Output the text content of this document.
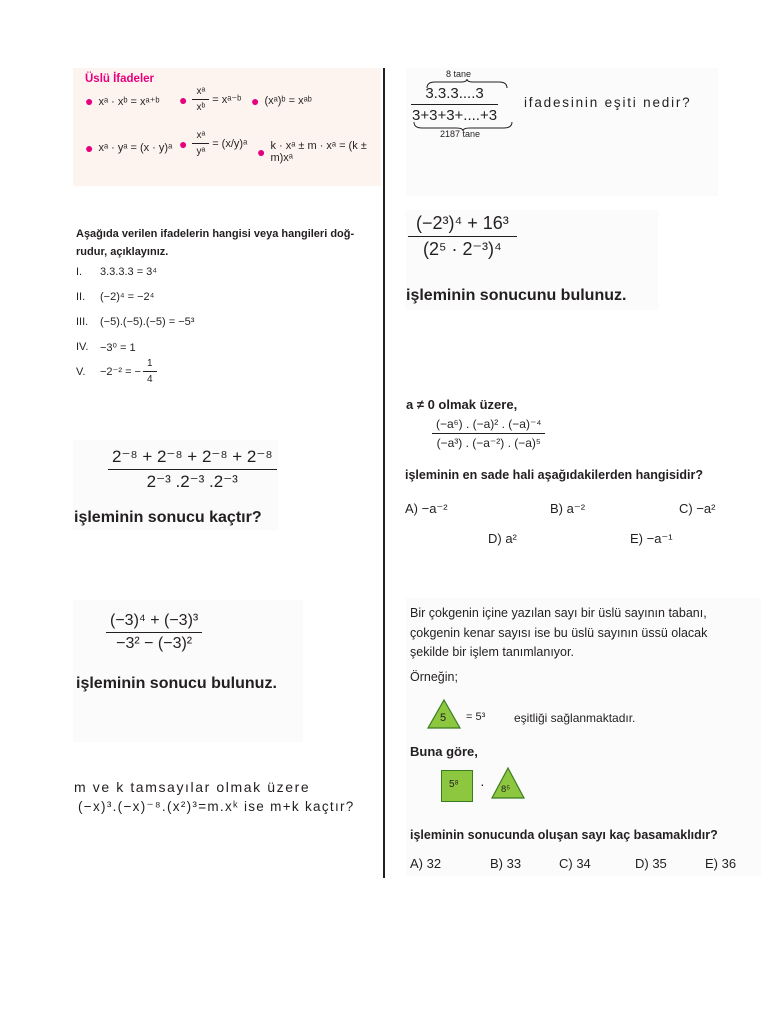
Üslü İfadeler
● xᵃ · xᵇ = xᵃ⁺ᵇ ● $\frac{\text{xᵃ}}{\text{xᵇ}}$ = xᵃ⁻ᵇ ● (xᵃ)ᵇ = xᵃᵇ
● xᵃ · yᵃ = (x · y)ᵃ ● $\frac{\text{xᵃ}}{\text{yᵃ}}$ = (x/y)ᵃ
● k · xᵃ ± m · xᵃ = (k ± m)xᵃ
Aşağıda verilen ifadelerin hangisi veya hangileri doğ-
rudur, açıklayınız.
I. 3.3.3.3 = 3⁴
II. (−2)⁴ = −2⁴
III. (−5).(−5).(−5) = −5³
IV. −3⁰ = 1
V. −2⁻² = − $\frac{1}{4}$
$\frac{\text{2⁻⁸ + 2⁻⁸ + 2⁻⁸ + 2⁻⁸}}{\text{2⁻³ .2⁻³ .2⁻³}}$
işleminin sonucu kaçtır?
$\frac{\text{(−3)⁴ + (−3)³}}{\text{−3² − (−3)²}}$
işleminin sonucu bulunuz.
m ve k tamsayılar olmak üzere
(−x)³.(−x)⁻⁸.(x²)³=m.xᵏ ise m+k kaçtır?
8 tane
$\frac{3.3.3....3}{3+3+3+....+3}$
2187 tane
ifadesinin eşiti nedir?
$\frac{\text{(−2³)⁴ + 16³}}{\text{(2⁵ · 2⁻³)⁴}}$
işleminin sonucunu bulunuz.
a ≠ 0 olmak üzere,
$\frac{\text{(−a⁶) . (−a)² . (−a)⁻⁴}}{\text{(−a³) . (−a⁻²) . (−a)⁵}}$
işleminin en sade hali aşağıdakilerden hangisidir?
A) −a⁻²	B) a⁻²	C) −a²
D) a²	E) −a⁻¹
Bir çokgenin içine yazılan sayı bir üslü sayının tabanı,
çokgenin kenar sayısı ise bu üslü sayının üssü olacak
şekilde bir işlem tanımlanıyor.
Örneğin;
5 = 5³ eşitliği sağlanmaktadır.
Buna göre,
5⁸ · 8⁵
işleminin sonucunda oluşan sayı kaç basamaklıdır?
A) 32	B) 33	C) 34	D) 35	E) 36
